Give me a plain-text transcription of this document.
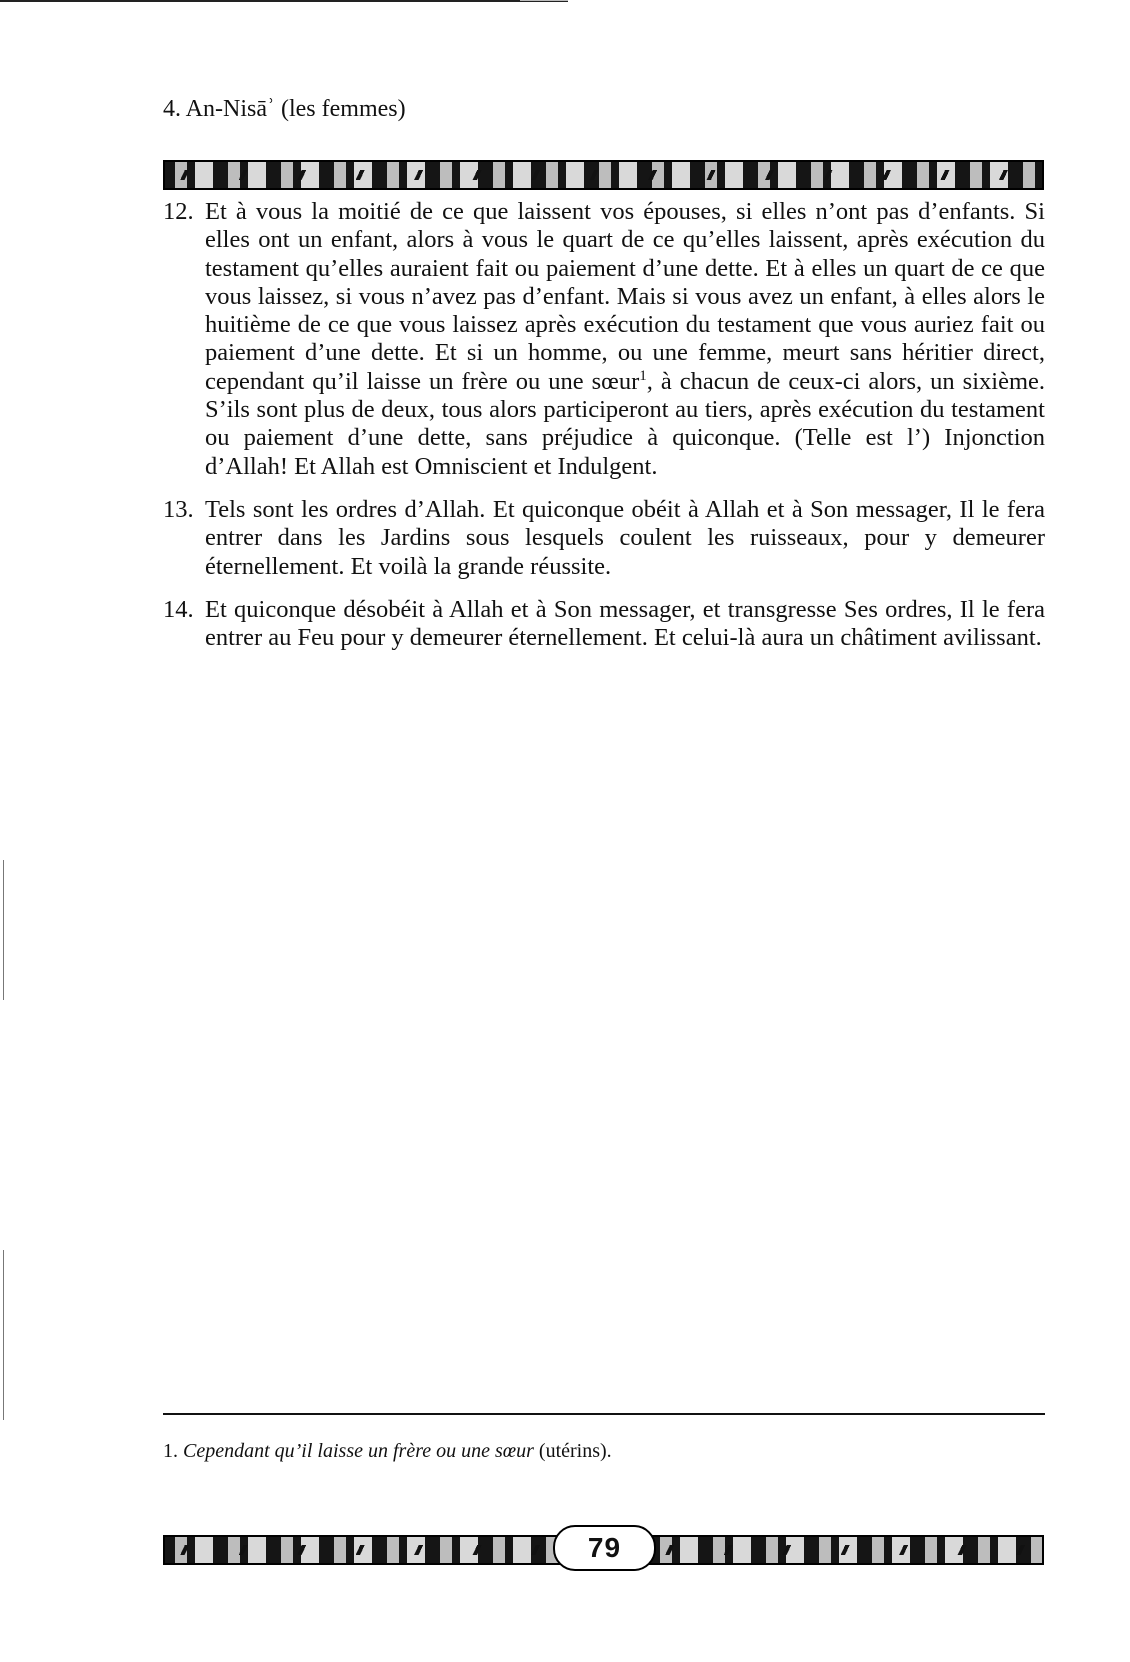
4. An-Nisāʾ (les femmes)
12. Et à vous la moitié de ce que laissent vos épouses, si elles n’ont pas d’enfants. Si elles ont un enfant, alors à vous le quart de ce qu’elles laissent, après exécution du testament qu’elles auraient fait ou paiement d’une dette. Et à elles un quart de ce que vous laissez, si vous n’avez pas d’enfant. Mais si vous avez un enfant, à elles alors le huitième de ce que vous laissez après exécution du testament que vous auriez fait ou paiement d’une dette. Et si un homme, ou une femme, meurt sans héritier direct, cependant qu’il laisse un frère ou une sœur$^1$, à chacun de ceux-ci alors, un sixième. S’ils sont plus de deux, tous alors participeront au tiers, après exécution du testament ou paiement d’une dette, sans préjudice à quiconque. (Telle est l’) Injonction d’Allah! Et Allah est Omniscient et Indulgent.
13. Tels sont les ordres d’Allah. Et quiconque obéit à Allah et à Son messager, Il le fera entrer dans les Jardins sous lesquels coulent les ruisseaux, pour y demeurer éternellement. Et voilà la grande réussite.
14. Et quiconque désobéit à Allah et à Son messager, et transgresse Ses ordres, Il le fera entrer au Feu pour y demeurer éternellement. Et celui-là aura un châtiment avilissant.
1. Cependant qu’il laisse un frère ou une sœur (utérins).
79
